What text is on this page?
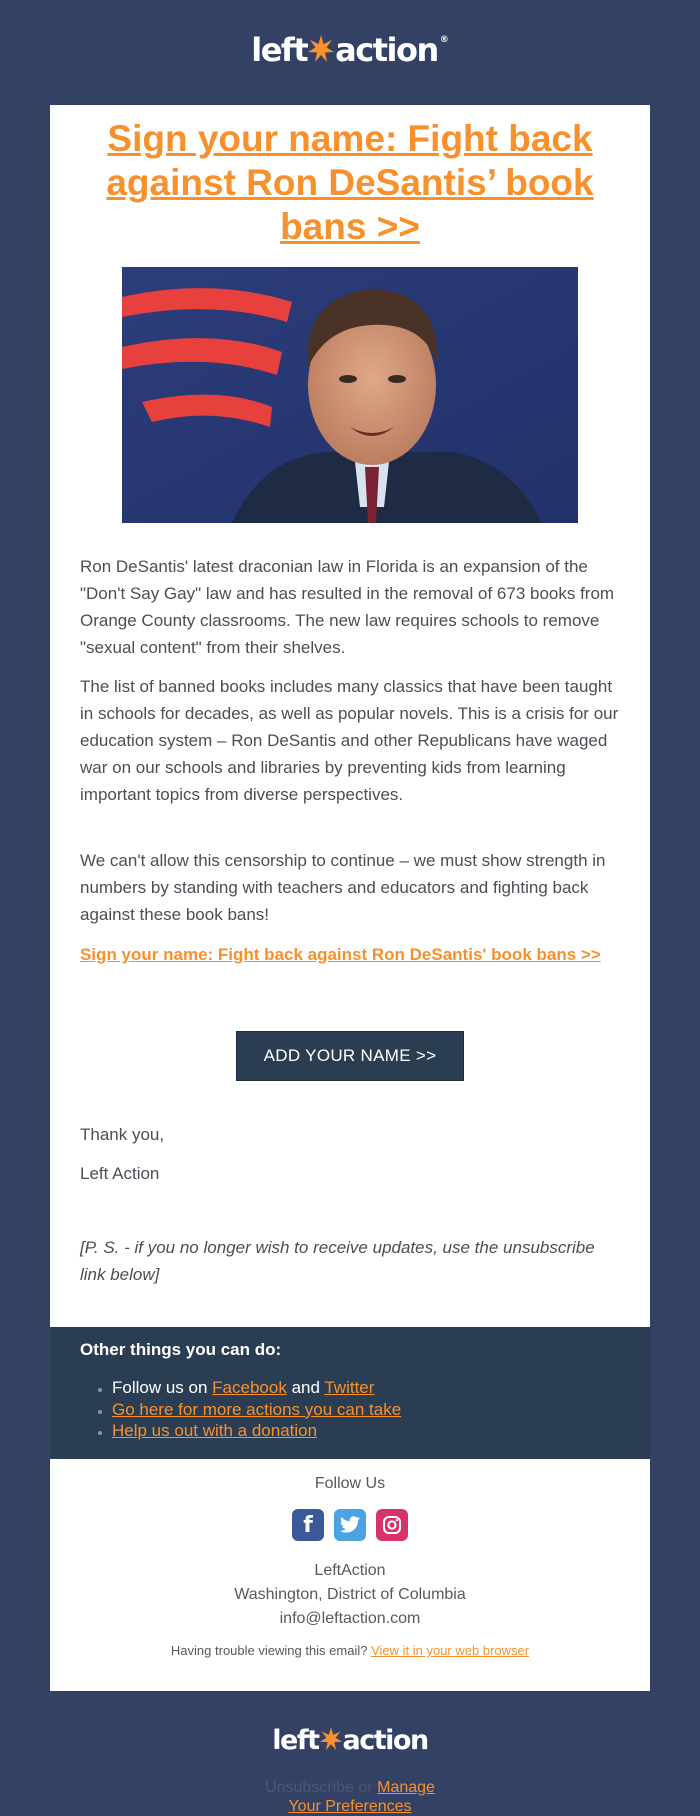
left action ®
Sign your name: Fight back against Ron DeSantis’ book bans >>

Ron DeSantis' latest draconian law in Florida is an expansion of the "Don't Say Gay" law and has resulted in the removal of 673 books from Orange County classrooms. The new law requires schools to remove "sexual content" from their shelves.

The list of banned books includes many classics that have been taught in schools for decades, as well as popular novels. This is a crisis for our education system – Ron DeSantis and other Republicans have waged war on our schools and libraries by preventing kids from learning important topics from diverse perspectives.

We can't allow this censorship to continue – we must show strength in numbers by standing with teachers and educators and fighting back against these book bans!

Sign your name: Fight back against Ron DeSantis' book bans >>
ADD YOUR NAME >>

Thank you,

Left Action

[P. S. - if you no longer wish to receive updates, use the unsubscribe link below]

Other things you can do:
• Follow us on Facebook and Twitter
• Go here for more actions you can take
• Help us out with a donation
Follow Us
f
LeftAction
Washington, District of Columbia
info@leftaction.com
Having trouble viewing this email? View it in your web browser
left action
Unsubscribe or Manage
Your Preferences
